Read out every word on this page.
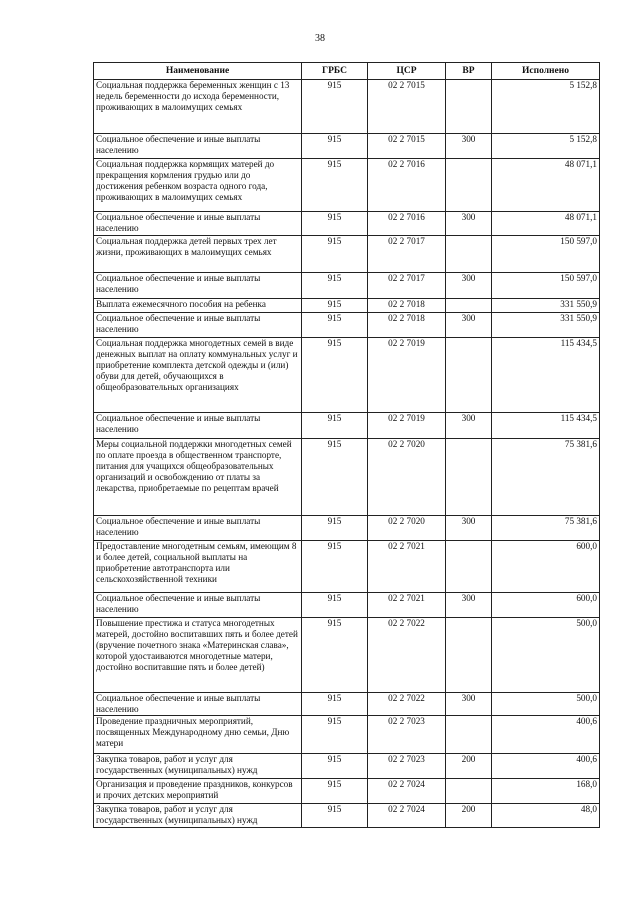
38
Наименование	ГРБС	ЦСР	ВР	Исполнено
Социальная поддержка беременных женщин с 13 недель беременности до исхода беременности, проживающих в малоимущих семьях	915	02 2 7015		5 152,8
Социальное обеспечение и иные выплаты населению	915	02 2 7015	300	5 152,8
Социальная поддержка кормящих матерей до прекращения кормления грудью или до достижения ребенком возраста одного года, проживающих в малоимущих семьях	915	02 2 7016		48 071,1
Социальное обеспечение и иные выплаты населению	915	02 2 7016	300	48 071,1
Социальная поддержка детей первых трех лет жизни, проживающих в малоимущих семьях	915	02 2 7017		150 597,0
Социальное обеспечение и иные выплаты населению	915	02 2 7017	300	150 597,0
Выплата ежемесячного пособия на ребенка	915	02 2 7018		331 550,9
Социальное обеспечение и иные выплаты населению	915	02 2 7018	300	331 550,9
Социальная поддержка многодетных семей в виде денежных выплат на оплату коммунальных услуг и приобретение комплекта детской одежды и (или) обуви для детей, обучающихся в общеобразовательных организациях	915	02 2 7019		115 434,5
Социальное обеспечение и иные выплаты населению	915	02 2 7019	300	115 434,5
Меры социальной поддержки многодетных семей по оплате проезда в общественном транспорте, питания для учащихся общеобразовательных организаций и освобождению от платы за лекарства, приобретаемые по рецептам врачей	915	02 2 7020		75 381,6
Социальное обеспечение и иные выплаты населению	915	02 2 7020	300	75 381,6
Предоставление многодетным семьям, имеющим 8 и более детей, социальной выплаты на приобретение автотранспорта или сельскохозяйственной техники	915	02 2 7021		600,0
Социальное обеспечение и иные выплаты населению	915	02 2 7021	300	600,0
Повышение престижа и статуса многодетных матерей, достойно воспитавших пять и более детей (вручение почетного знака «Материнская слава», которой удостаиваются многодетные матери, достойно воспитавшие пять и более детей)	915	02 2 7022		500,0
Социальное обеспечение и иные выплаты населению	915	02 2 7022	300	500,0
Проведение праздничных мероприятий, посвященных Международному дню семьи, Дню матери	915	02 2 7023		400,6
Закупка товаров, работ и услуг для государственных (муниципальных) нужд	915	02 2 7023	200	400,6
Организация и проведение праздников, конкурсов и прочих детских мероприятий	915	02 2 7024		168,0
Закупка товаров, работ и услуг для государственных (муниципальных) нужд	915	02 2 7024	200	48,0
